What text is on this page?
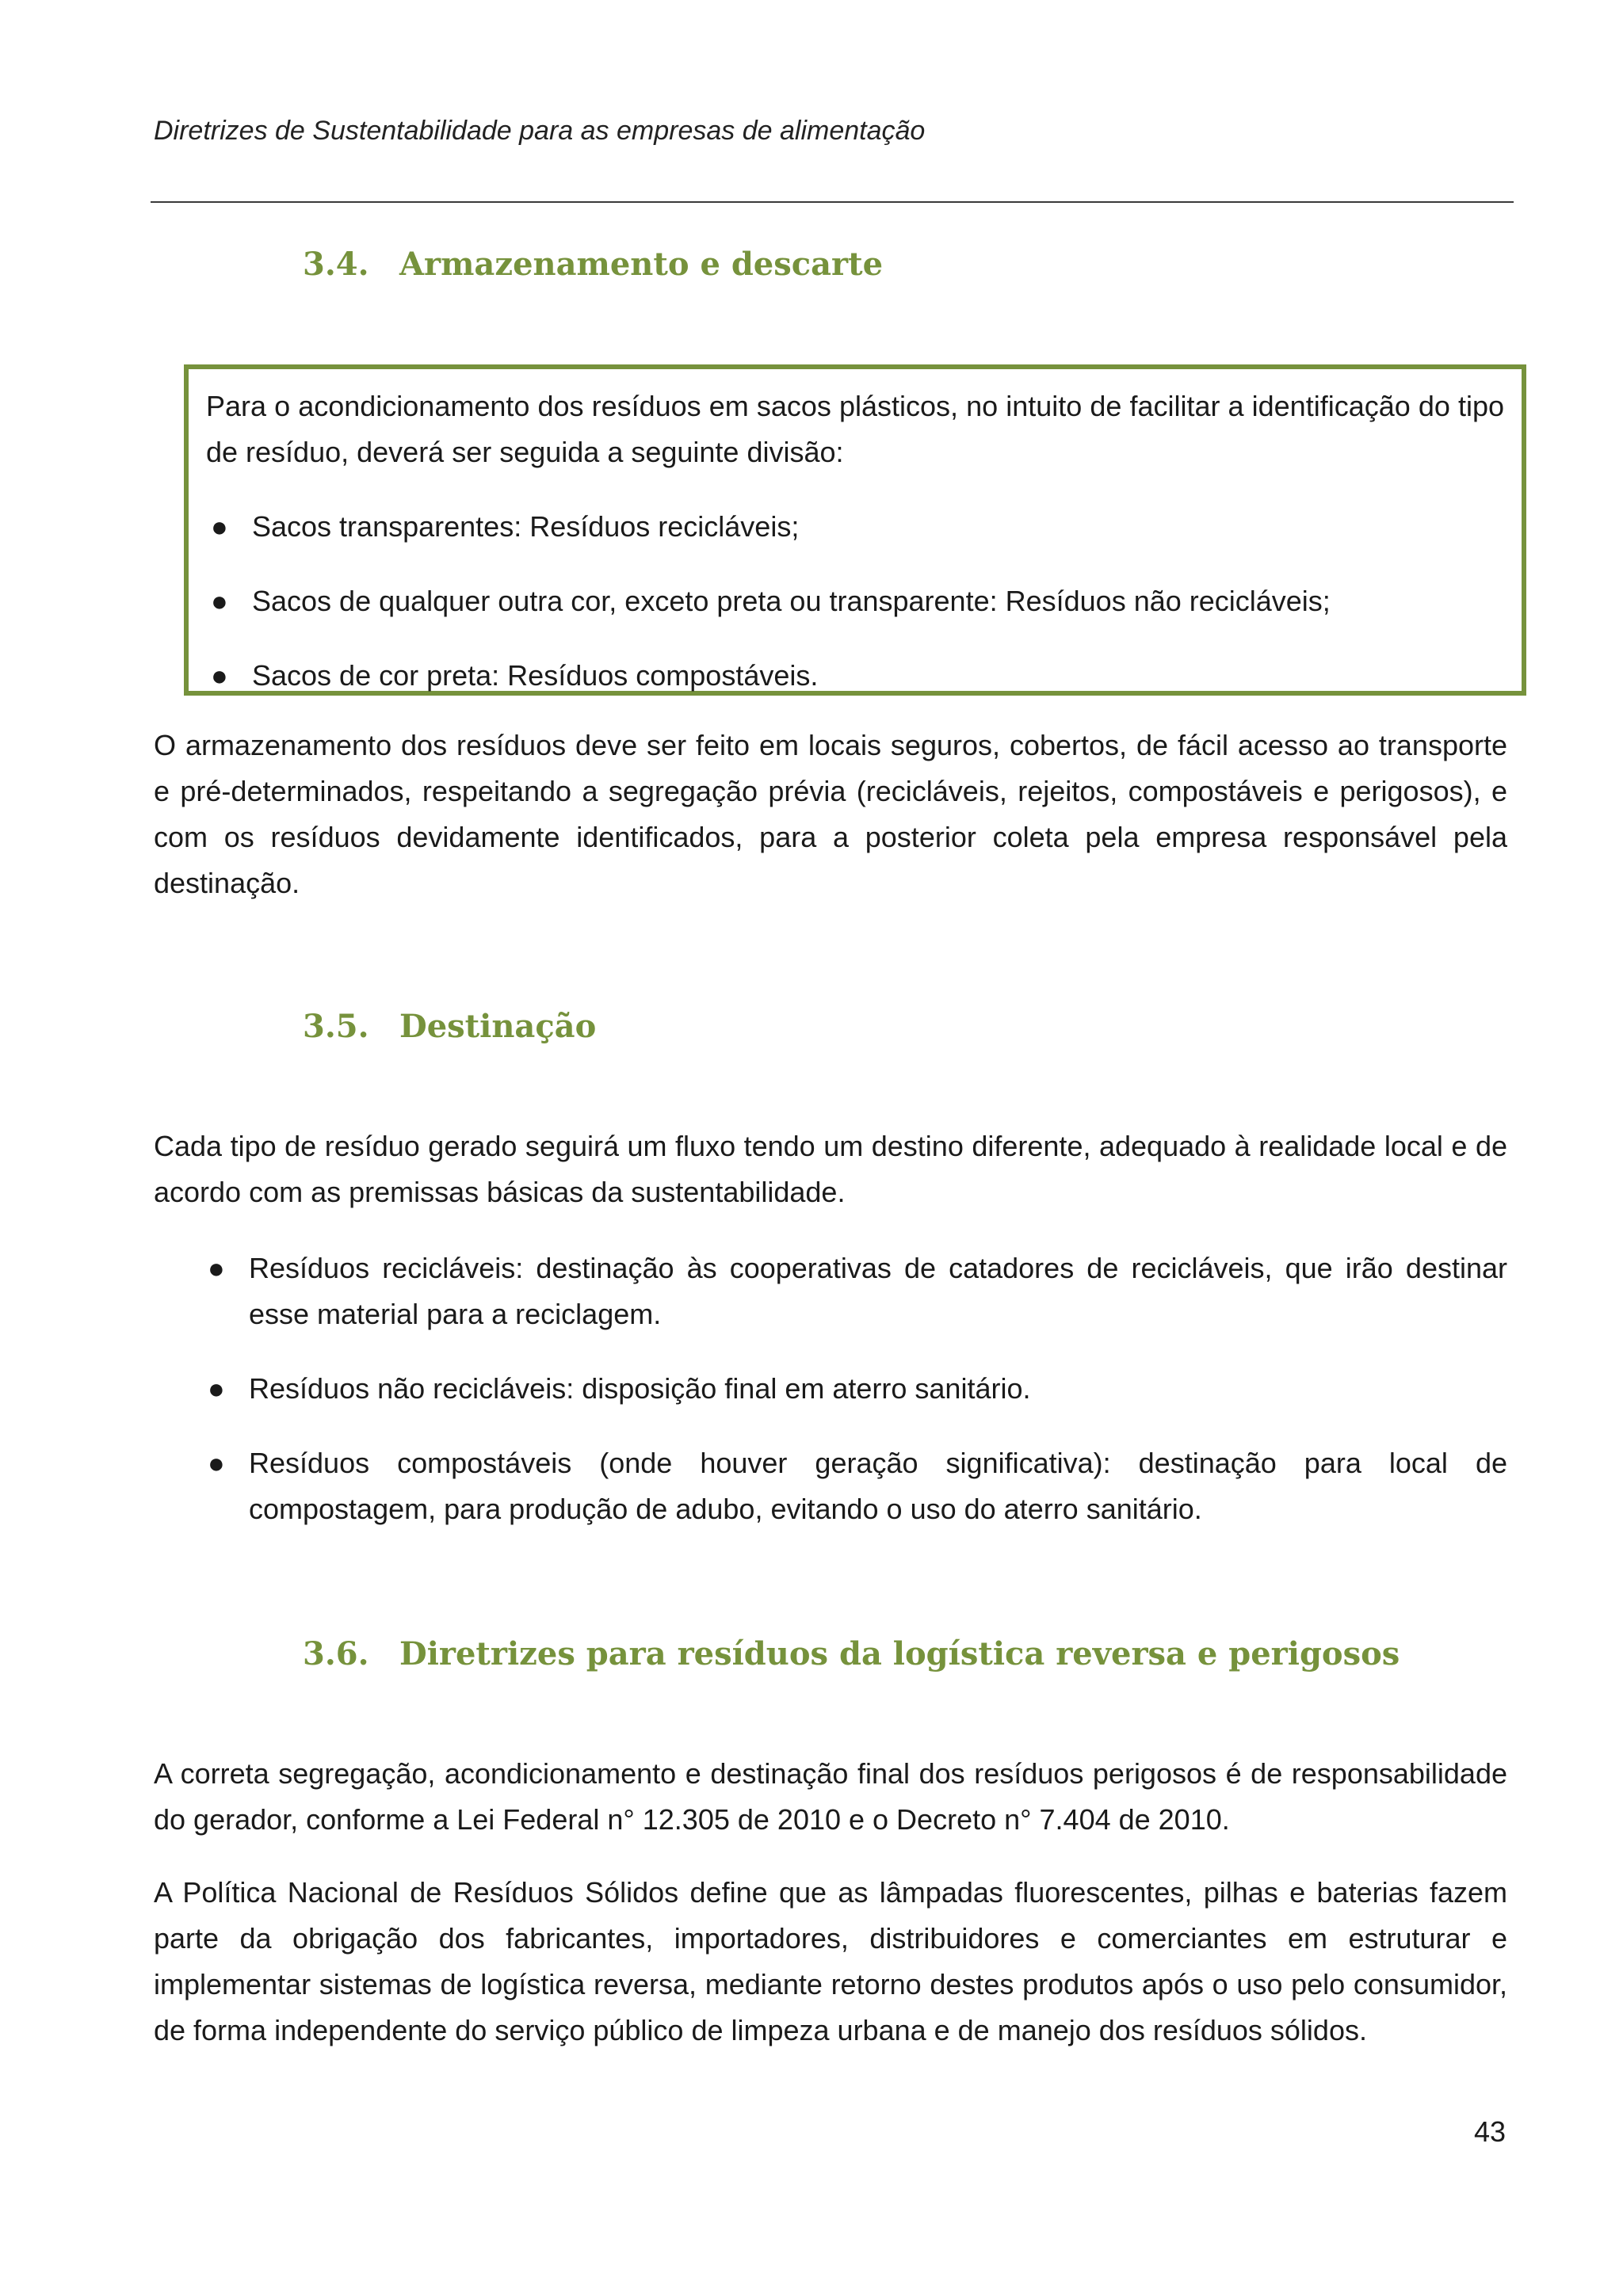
Diretrizes de Sustentabilidade para as empresas de alimentação
3.4. Armazenamento e descarte
Para o acondicionamento dos resíduos em sacos plásticos, no intuito de facilitar a identificação do tipo de resíduo, deverá ser seguida a seguinte divisão:
● Sacos transparentes: Resíduos recicláveis;
● Sacos de qualquer outra cor, exceto preta ou transparente: Resíduos não recicláveis;
● Sacos de cor preta: Resíduos compostáveis.
O armazenamento dos resíduos deve ser feito em locais seguros, cobertos, de fácil acesso ao transporte e pré-determinados, respeitando a segregação prévia (recicláveis, rejeitos, compostáveis e perigosos), e com os resíduos devidamente identificados, para a posterior coleta pela empresa responsável pela destinação.
3.5. Destinação
Cada tipo de resíduo gerado seguirá um fluxo tendo um destino diferente, adequado à realidade local e de acordo com as premissas básicas da sustentabilidade.
● Resíduos recicláveis: destinação às cooperativas de catadores de recicláveis, que irão destinar esse material para a reciclagem.
● Resíduos não recicláveis: disposição final em aterro sanitário.
● Resíduos compostáveis (onde houver geração significativa): destinação para local de compostagem, para produção de adubo, evitando o uso do aterro sanitário.
3.6. Diretrizes para resíduos da logística reversa e perigosos
A correta segregação, acondicionamento e destinação final dos resíduos perigosos é de responsabilidade do gerador, conforme a Lei Federal n° 12.305 de 2010 e o Decreto n° 7.404 de 2010.
A Política Nacional de Resíduos Sólidos define que as lâmpadas fluorescentes, pilhas e baterias fazem parte da obrigação dos fabricantes, importadores, distribuidores e comerciantes em estruturar e implementar sistemas de logística reversa, mediante retorno destes produtos após o uso pelo consumidor, de forma independente do serviço público de limpeza urbana e de manejo dos resíduos sólidos.
43
